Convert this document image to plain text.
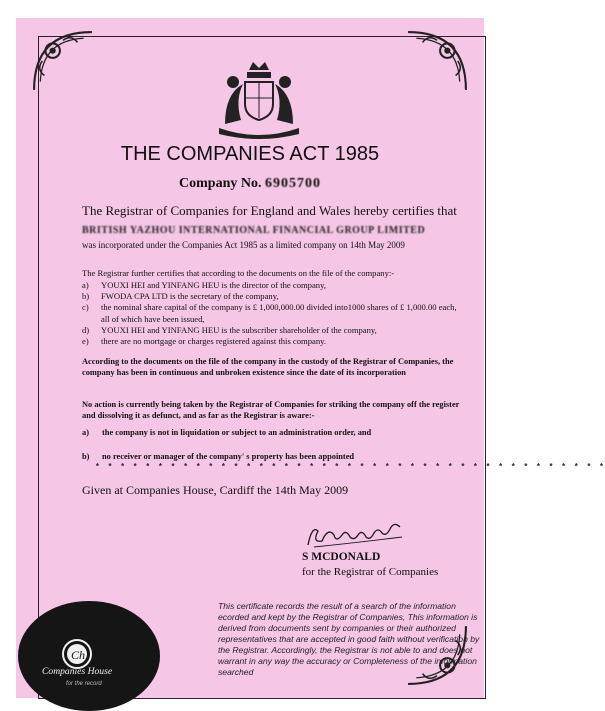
THE COMPANIES ACT 1985
Company No. 6905700
The Registrar of Companies for England and Wales hereby certifies that
BRITISH YAZHOU INTERNATIONAL FINANCIAL GROUP LIMITED
was incorporated under the Companies Act 1985 as a limited company on 14th May 2009
The Registrar further certifies that according to the documents on the file of the company:-
a)	YOUXI HEI and YINFANG HEU is the director of the company,
b)	FWODA CPA LTD is the secretary of the company,
c)	the nominal share capital of the company is £ 1,000,000.00 divided into1000 shares of £ 1,000.00 each,
all of which have been issued,
d)	YOUXI HEI and YINFANG HEU is the subscriber shareholder of the company,
e)	there are no mortgage or charges registered against this company.
According to the documents on the file of the company in the custody of the Registrar of Companies, the company has been in continuous and unbroken existence since the date of its incorporation
No action is currently being taken by the Registrar of Companies for striking the company off the register and dissolving it as defunct, and as far as the Registrar is aware:-
a)	the company is not in liquidation or subject to an administration order, and
b)	no receiver or manager of the company' s property has been appointed
* * * * * * * * * * * * * * * * * * * * * * * * * * * * * * * * * * * * * * * * *
Given at Companies House, Cardiff the 14th May 2009
S MCDONALD
for the Registrar of Companies
This certificate records the result of a search of the information ecorded and kept by the Registrar of Companies, This information is derived from documents sent by companies or their authorized representatives that are accepted in good faith without verification by the Registrar. Accordingly, the Registrar is not able to and does not warrant in any way the accuracy or Completeness of the information searched
Ch
Companies House
for the record
